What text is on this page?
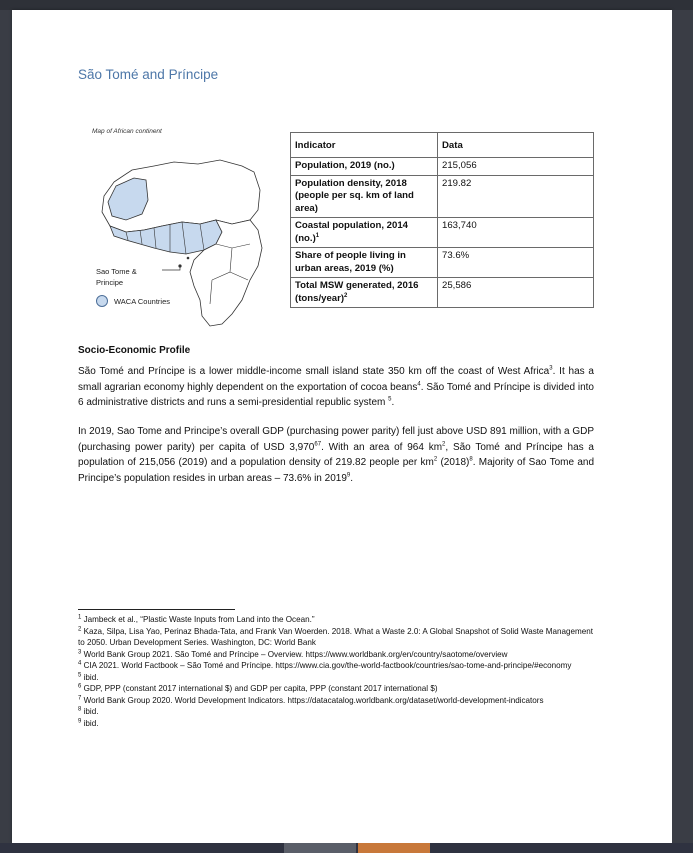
São Tomé and Príncipe
Map of African continent
Sao Tome &
Principe
WACA Countries
Indicator	Data
Population, 2019 (no.)	215,056
Population density, 2018 (people per sq. km of land area)	219.82
Coastal population, 2014 $(no.)^1$	163,740
Share of people living in urban areas, 2019 (%)	73.6%
Total MSW generated, 2016 (tons/year)$^2$	25,586
Socio-Economic Profile

São Tomé and Príncipe is a lower middle-income small island state 350 km off the coast of West Africa$^3$. It has a small agrarian economy highly dependent on the exportation of cocoa beans$^4$. São Tomé and Príncipe is divided into 6 administrative districts and runs a semi-presidential republic system $^5$.

In 2019, Sao Tome and Principe’s overall GDP (purchasing power parity) fell just above USD 891 million, with a GDP (purchasing power parity) per capita of USD 3,970$^{67}$. With an area of 964 $km^2$, São Tomé and Príncipe has a population of 215,056 (2019) and a population density of 219.82 people per $km^2$ $(2018)^8$. Majority of Sao Tome and Principe’s population resides in urban areas – 73.6% in 2019$^9$.

$^1$ Jambeck et al., “Plastic Waste Inputs from Land into the Ocean.”
$^2$ Kaza, Silpa, Lisa Yao, Perinaz Bhada-Tata, and Frank Van Woerden. 2018. What a Waste 2.0: A Global Snapshot of Solid Waste Management to 2050. Urban Development Series. Washington, DC: World Bank
$^3$ World Bank Group 2021. São Tomé and Príncipe – Overview. https://www.worldbank.org/en/country/saotome/overview
$^4$ CIA 2021. World Factbook – São Tomé and Príncipe. https://www.cia.gov/the-world-factbook/countries/sao-tome-and-principe/#economy
$^5$ ibid.
$^6$ GDP, PPP (constant 2017 international $) and GDP per capita, PPP (constant 2017 international $)
$^7$ World Bank Group 2020. World Development Indicators. https://datacatalog.worldbank.org/dataset/world-development-indicators
$^8$ ibid.
$^9$ ibid.
